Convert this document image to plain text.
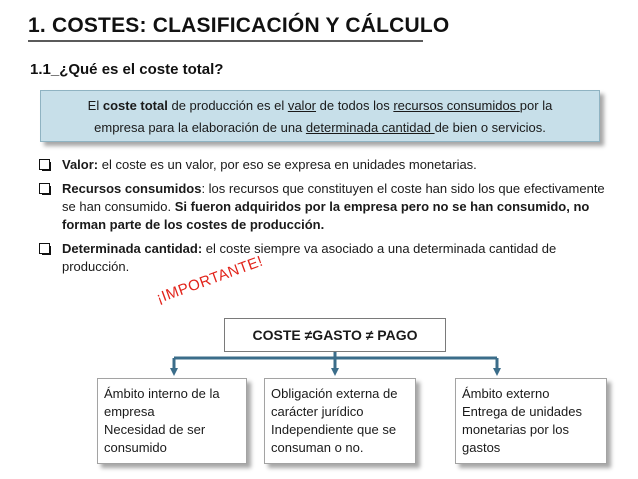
1. COSTES: CLASIFICACIÓN Y CÁLCULO
1.1_¿Qué es el coste total?
El coste total de producción es el valor de todos los recursos consumidos por la
empresa para la elaboración de una determinada cantidad de bien o servicios.
Valor: el coste es un valor, por eso se expresa en unidades monetarias.
Recursos consumidos: los recursos que constituyen el coste han sido los que efectivamente se han consumido. Si fueron adquiridos por la empresa pero no se han consumido, no forman parte de los costes de producción.
Determinada cantidad: el coste siempre va asociado a una determinada cantidad de producción.	¡IMPORTANTE!
COSTE ≠GASTO ≠ PAGO
Ámbito interno de la
empresa
Necesidad de ser
consumido
Obligación externa de
carácter jurídico
Independiente que se
consuman o no.
Ámbito externo
Entrega de unidades
monetarias por los
gastos
